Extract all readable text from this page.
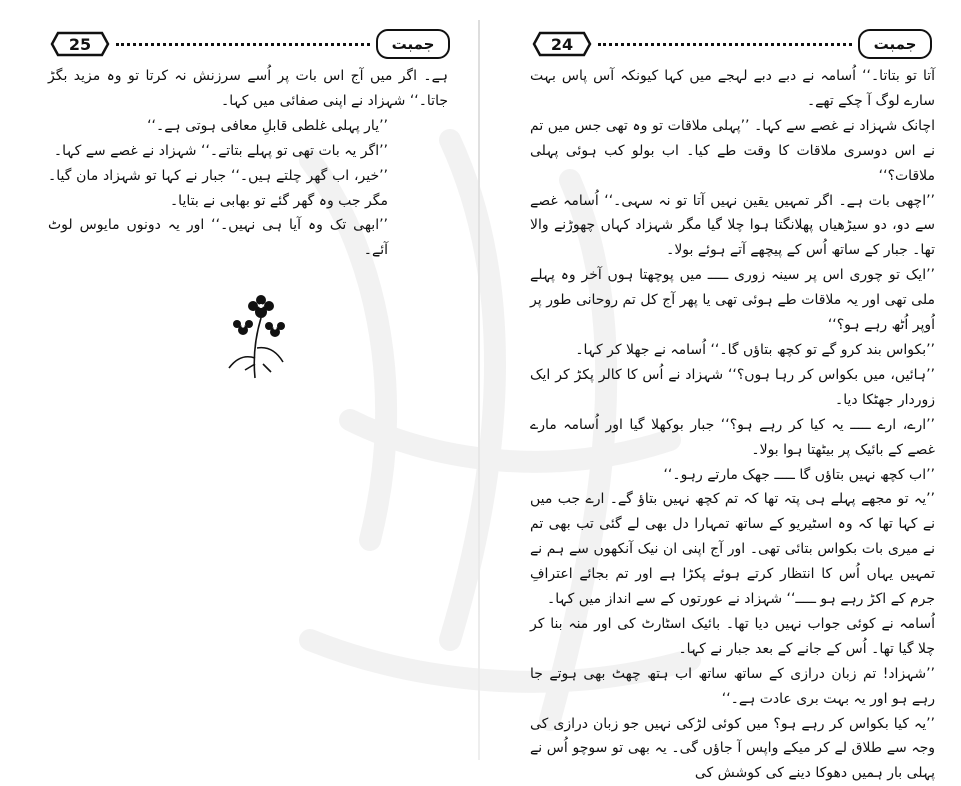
25	جمبت

ہے۔ اگر میں آج اس بات پر اُسے سرزنش نہ کرتا تو وہ مزید بگڑ جاتا۔‘‘ شہزاد نے اپنی صفائی میں کہا۔

’’یار پہلی غلطی قابلِ معافی ہوتی ہے۔‘‘

’’اگر یہ بات تھی تو پہلے بتاتے۔‘‘ شہزاد نے غصے سے کہا۔

’’خیر، اب گھر چلتے ہیں۔‘‘ جبار نے کہا تو شہزاد مان گیا۔ مگر جب وہ گھر گئے تو بھابی نے بتایا۔

’’ابھی تک وہ آیا ہی نہیں۔‘‘ اور یہ دونوں مایوس لوٹ آئے۔

24	جمبت

آتا تو بتاتا۔‘‘ اُسامہ نے دبے دبے لہجے میں کہا کیونکہ آس پاس بہت سارے لوگ آ چکے تھے۔

اچانک شہزاد نے غصے سے کہا۔ ’’پہلی ملاقات تو وہ تھی جس میں تم نے اس دوسری ملاقات کا وقت طے کیا۔ اب بولو کب ہوئی پہلی ملاقات؟‘‘

’’اچھی بات ہے۔ اگر تمہیں یقین نہیں آتا تو نہ سہی۔‘‘ اُسامہ غصے سے دو، دو سیڑھیاں پھلانگتا ہوا چلا گیا مگر شہزاد کہاں چھوڑنے والا تھا۔ جبار کے ساتھ اُس کے پیچھے آتے ہوئے بولا۔

’’ایک تو چوری اس پر سینہ زوری ـــــ میں پوچھتا ہوں آخر وہ پہلے ملی تھی اور یہ ملاقات طے ہوئی تھی یا پھر آج کل تم روحانی طور پر اُوپر اُٹھ رہے ہو؟‘‘

’’بکواس بند کرو گے تو کچھ بتاؤں گا۔‘‘ اُسامہ نے جھلا کر کہا۔

’’ہائیں، میں بکواس کر رہا ہوں؟‘‘ شہزاد نے اُس کا کالر پکڑ کر ایک زوردار جھٹکا دیا۔

’’ارے، ارے ـــــ یہ کیا کر رہے ہو؟‘‘ جبار بوکھلا گیا اور اُسامہ مارے غصے کے بائیک پر بیٹھتا ہوا بولا۔

’’اب کچھ نہیں بتاؤں گا ـــــ جھک مارتے رہو۔‘‘

’’یہ تو مجھے پہلے ہی پتہ تھا کہ تم کچھ نہیں بتاؤ گے۔ ارے جب میں نے کہا تھا کہ وہ اسٹیریو کے ساتھ تمہارا دل بھی لے گئی تب بھی تم نے میری بات بکواس بتائی تھی۔ اور آج اپنی ان نیک آنکھوں سے ہم نے تمہیں یہاں اُس کا انتظار کرتے ہوئے پکڑا ہے اور تم بجائے اعترافِ جرم کے اکڑ رہے ہو ـــــ‘‘ شہزاد نے عورتوں کے سے انداز میں کہا۔

اُسامہ نے کوئی جواب نہیں دیا تھا۔ بائیک اسٹارٹ کی اور منہ بنا کر چلا گیا تھا۔ اُس کے جانے کے بعد جبار نے کہا۔

’’شہزاد! تم زبان درازی کے ساتھ ساتھ اب ہتھ چھٹ بھی ہوتے جا رہے ہو اور یہ بہت بری عادت ہے۔‘‘

’’یہ کیا بکواس کر رہے ہو؟ میں کوئی لڑکی نہیں جو زبان درازی کی وجہ سے طلاق لے کر میکے واپس آ جاؤں گی۔ یہ بھی تو سوچو اُس نے پہلی بار ہمیں دھوکا دینے کی کوشش کی
